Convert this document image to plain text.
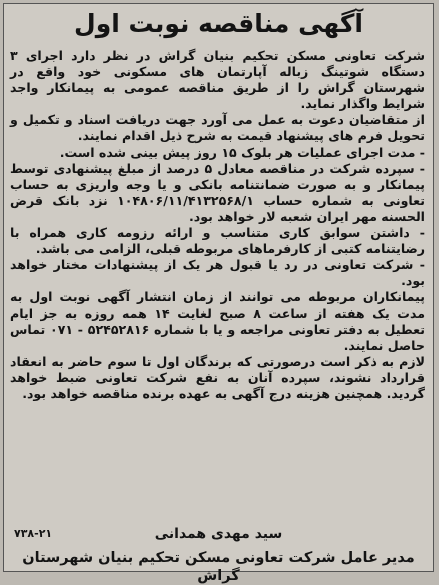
آگهی مناقصه نوبت اول

شرکت تعاونی مسکن تحکیم بنیان گراش در نظر دارد اجرای ۳ دستگاه شوتینگ زباله آپارتمان های مسکونی خود واقع در شهرستان گراش را از طریق مناقصه عمومی به پیمانکار واجد شرایط واگذار نماید.

از متقاضیان دعوت به عمل می آورد جهت دریافت اسناد و تکمیل و تحویل فرم های پیشنهاد قیمت به شرح ذیل اقدام نمایند.

- مدت اجرای عملیات هر بلوک ۱۵ روز پیش بینی شده است.

- سپرده شرکت در مناقصه معادل ۵ درصد از مبلغ پیشنهادی توسط پیمانکار و به صورت ضمانتنامه بانکی و یا وجه واریزی به حساب تعاونی به شماره حساب ۱۰۴۸۰۶/۱۱/۴۱۳۲۵۶۸/۱ نزد بانک قرض الحسنه مهر ایران شعبه لار خواهد بود.

- داشتن سوابق کاری متناسب و ارائه رزومه کاری همراه با رضایتنامه کتبی از کارفرماهای مربوطه قبلی، الزامی می باشد.

- شرکت تعاونی در رد یا قبول هر یک از پیشنهادات مختار خواهد بود.

پیمانکاران مربوطه می توانند از زمان انتشار آگهی نوبت اول به مدت یک هفته از ساعت ۸ صبح لغایت ۱۴ همه روزه به جز ایام تعطیل به دفتر تعاونی مراجعه و یا با شماره ۵۲۴۵۲۸۱۶ - ۰۷۱ تماس حاصل نمایند.

لازم به ذکر است درصورتی که برندگان اول تا سوم حاضر به انعقاد قرارداد نشوند، سپرده آنان به نفع شرکت تعاونی ضبط خواهد گردید. همچنین هزینه درج آگهی به عهده برنده مناقصه خواهد بود.

۷۳۸-۲۱	سید مهدی همدانی
مدیر عامل شرکت تعاونی مسکن تحکیم بنیان شهرستان گراش
